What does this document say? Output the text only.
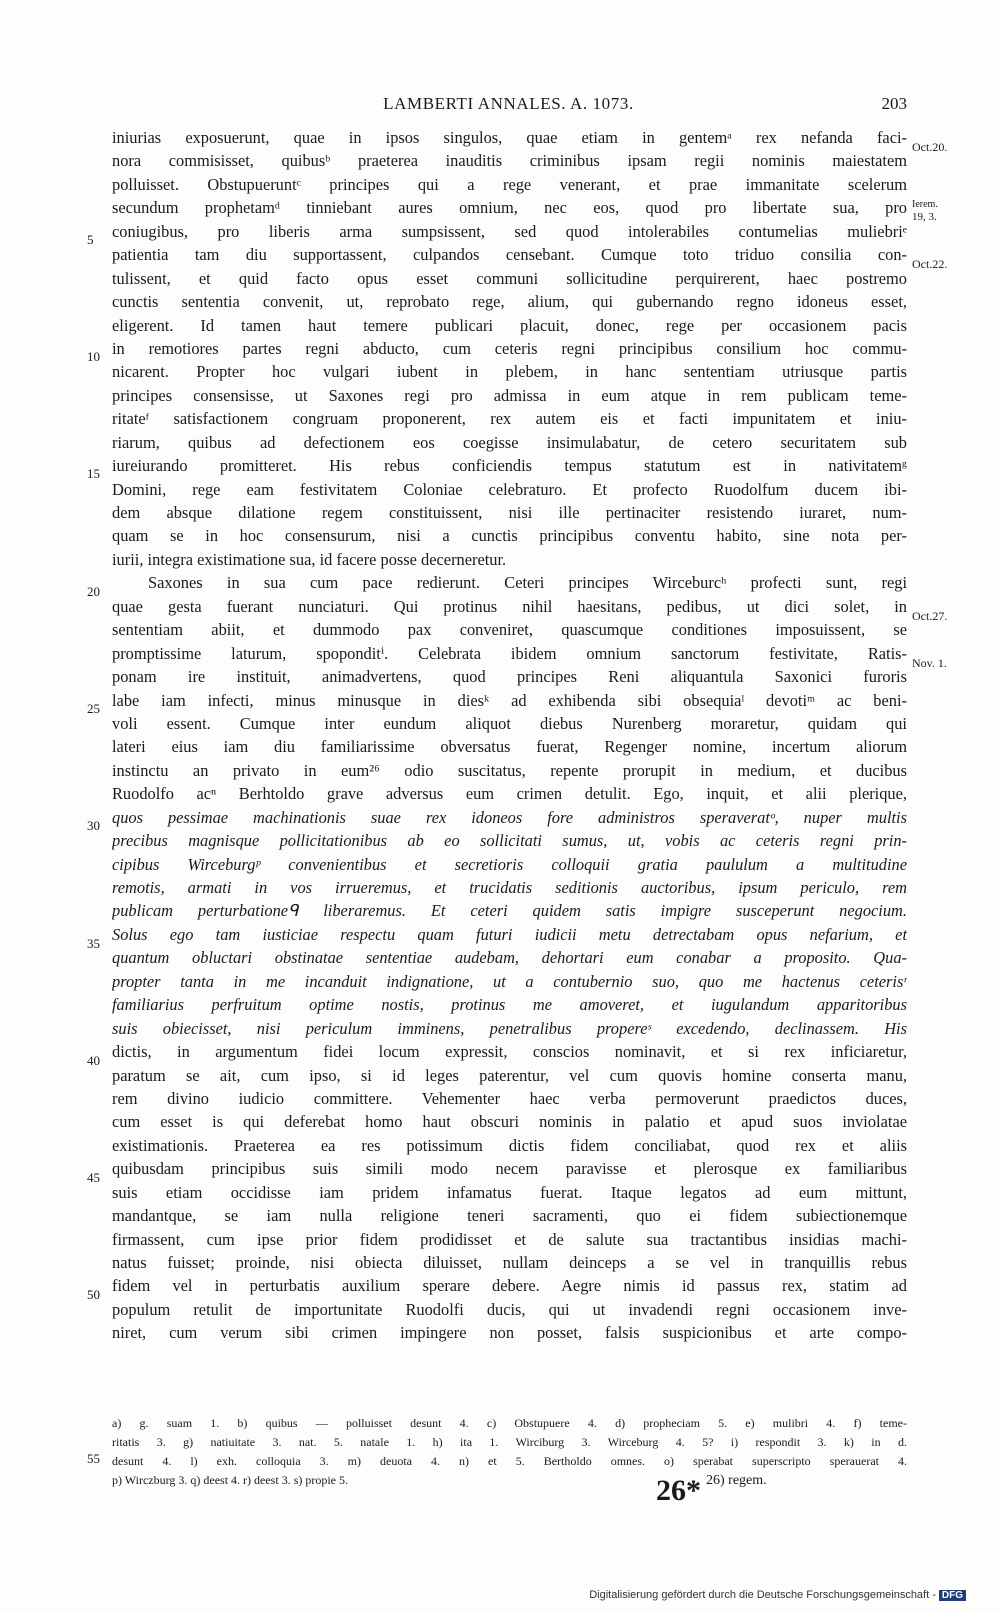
LAMBERTI ANNALES. A. 1073.	203
iniurias exposuerunt, quae in ipsos singulos, quae etiam in gentemᵃ rex nefanda faci-
nora commisisset, quibusᵇ praeterea inauditis criminibus ipsam regii nominis maiestatem
polluisset. Obstupueruntᶜ principes qui a rege venerant, et prae immanitate scelerum
secundum prophetamᵈ tinniebant aures omnium, nec eos, quod pro libertate sua, pro
coniugibus, pro liberis arma sumpsissent, sed quod intolerabiles contumelias muliebriᵉ
patientia tam diu supportassent, culpandos censebant. Cumque toto triduo consilia con-
tulissent, et quid facto opus esset communi sollicitudine perquirerent, haec postremo
cunctis sententia convenit, ut, reprobato rege, alium, qui gubernando regno idoneus esset,
eligerent. Id tamen haut temere publicari placuit, donec, rege per occasionem pacis
in remotiores partes regni abducto, cum ceteris regni principibus consilium hoc commu-
nicarent. Propter hoc vulgari iubent in plebem, in hanc sententiam utriusque partis
principes consensisse, ut Saxones regi pro admissa in eum atque in rem publicam teme-
ritateᶠ satisfactionem congruam proponerent, rex autem eis et facti impunitatem et iniu-
riarum, quibus ad defectionem eos coegisse insimulabatur, de cetero securitatem sub
iureiurando promitteret. His rebus conficiendis tempus statutum est in nativitatemᵍ
Domini, rege eam festivitatem Coloniae celebraturo. Et profecto Ruodolfum ducem ibi-
dem absque dilatione regem constituissent, nisi ille pertinaciter resistendo iuraret, num-
quam se in hoc consensurum, nisi a cunctis principibus conventu habito, sine nota per-
iurii, integra existimatione sua, id facere posse decerneretur.
Saxones in sua cum pace redierunt. Ceteri principes Wirceburcʰ profecti sunt, regi
quae gesta fuerant nunciaturi. Qui protinus nihil haesitans, pedibus, ut dici solet, in
sententiam abiit, et dummodo pax conveniret, quascumque conditiones imposuissent, se
promptissime laturum, spoponditⁱ. Celebrata ibidem omnium sanctorum festivitate, Ratis-
ponam ire instituit, animadvertens, quod principes Reni aliquantula Saxonici furoris
labe iam infecti, minus minusque in diesᵏ ad exhibenda sibi obsequiaˡ devotiᵐ ac beni-
voli essent. Cumque inter eundum aliquot diebus Nurenberg moraretur, quidam qui
lateri eius iam diu familiarissime obversatus fuerat, Regenger nomine, incertum aliorum
instinctu an privato in eum²⁶ odio suscitatus, repente prorupit in medium, et ducibus
Ruodolfo acⁿ Berhtoldo grave adversus eum crimen detulit. Ego, inquit, et alii plerique,
quos pessimae machinationis suae rex idoneos fore administros speraveratᵒ, nuper multis
precibus magnisque pollicitationibus ab eo sollicitati sumus, ut, vobis ac ceteris regni prin-
cipibus Wirceburgᵖ convenientibus et secretioris colloquii gratia paululum a multitudine
remotis, armati in vos irrueremus, et trucidatis seditionis auctoribus, ipsum periculo, rem
publicam perturbationeᑫ liberaremus. Et ceteri quidem satis impigre susceperunt negocium.
Solus ego tam iusticiae respectu quam futuri iudicii metu detrectabam opus nefarium, et
quantum obluctari obstinatae sententiae audebam, dehortari eum conabar a proposito. Qua-
propter tanta in me incanduit indignatione, ut a contubernio suo, quo me hactenus ceterisʳ
familiarius perfruitum optime nostis, protinus me amoveret, et iugulandum apparitoribus
suis obiecisset, nisi periculum imminens, penetralibus propereˢ excedendo, declinassem. His
dictis, in argumentum fidei locum expressit, conscios nominavit, et si rex inficiaretur,
paratum se ait, cum ipso, si id leges paterentur, vel cum quovis homine conserta manu,
rem divino iudicio committere. Vehementer haec verba permoverunt praedictos duces,
cum esset is qui deferebat homo haut obscuri nominis in palatio et apud suos inviolatae
existimationis. Praeterea ea res potissimum dictis fidem conciliabat, quod rex et aliis
quibusdam principibus suis simili modo necem paravisse et plerosque ex familiaribus
suis etiam occidisse iam pridem infamatus fuerat. Itaque legatos ad eum mittunt,
mandantque, se iam nulla religione teneri sacramenti, quo ei fidem subiectionemque
firmassent, cum ipse prior fidem prodidisset et de salute sua tractantibus insidias machi-
natus fuisset; proinde, nisi obiecta diluisset, nullam deinceps a se vel in tranquillis rebus
fidem vel in perturbatis auxilium sperare debere. Aegre nimis id passus rex, statim ad
populum retulit de importunitate Ruodolfi ducis, qui ut invadendi regni occasionem inve-
niret, cum verum sibi crimen impingere non posset, falsis suspicionibus et arte compo-
5
10
15
20
25
30
35
40
45
50
Oct.20.
Ierem.
19, 3.
Oct.22.
Oct.27.
Nov. 1.
a) g. suam 1. b) quibus — polluisset desunt 4. c) Obstupuere 4. d) propheciam 5. e) mulibri 4. f) teme-
ritatis 3. g) natiuitate 3. nat. 5. natale 1. h) ita 1. Wirciburg 3. Wirceburg 4. 5? i) respondit 3. k) in d.
desunt 4. l) exh. colloquia 3. m) deuota 4. n) et 5. Bertholdo omnes. o) sperabat superscripto sperauerat 4.
p) Wirczburg 3. q) deest 4. r) deest 3. s) propie 5.
55
26) regem.
26*
Digitalisierung gefördert durch die Deutsche Forschungsgemeinschaft - DFG
